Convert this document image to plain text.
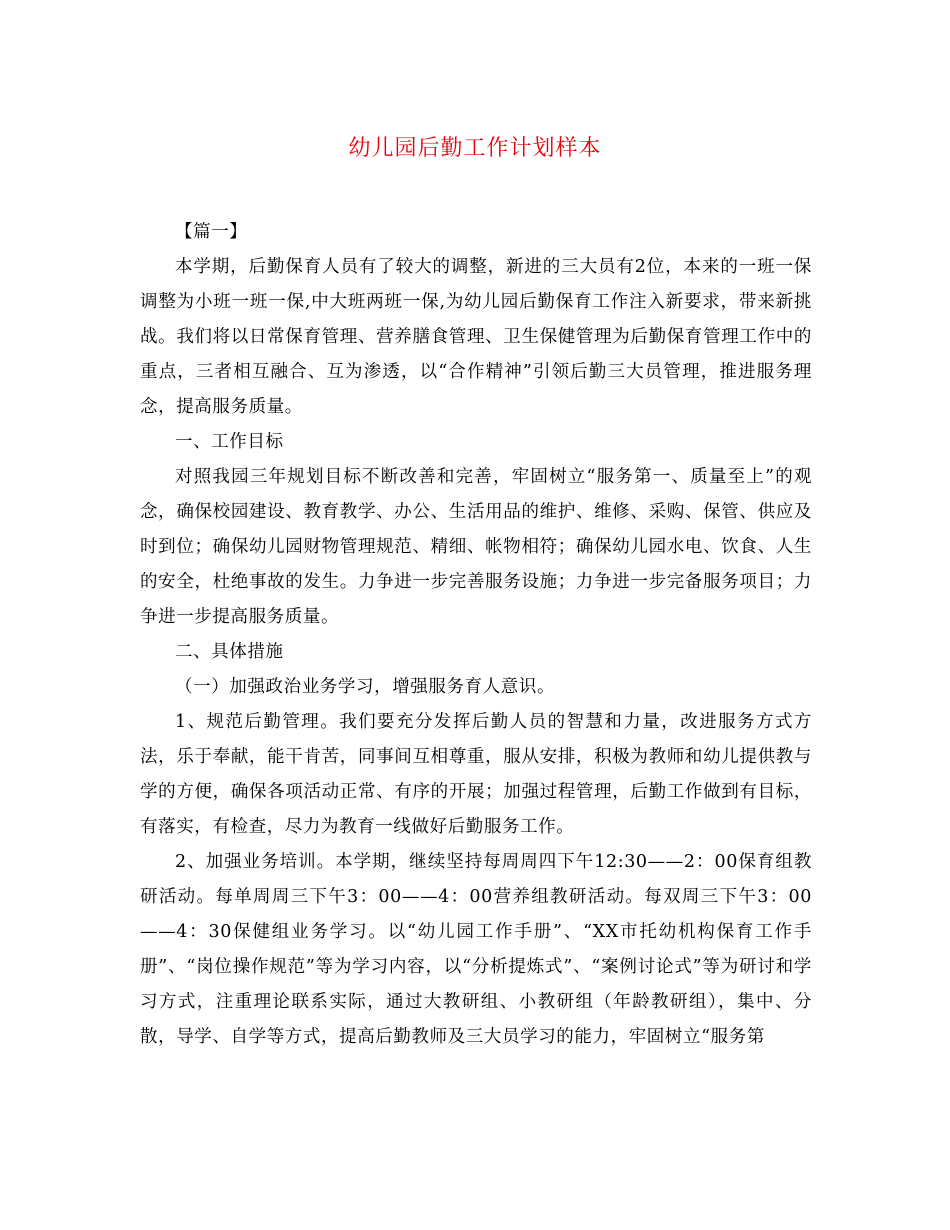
幼儿园后勤工作计划样本

【篇一】

本学期，后勤保育人员有了较大的调整，新进的三大员有2位，本来的一班一保调整为小班一班一保,中大班两班一保,为幼儿园后勤保育工作注入新要求，带来新挑战。我们将以日常保育管理、营养膳食管理、卫生保健管理为后勤保育管理工作中的重点，三者相互融合、互为渗透，以“合作精神”引领后勤三大员管理，推进服务理念，提高服务质量。

一、工作目标

对照我园三年规划目标不断改善和完善，牢固树立“服务第一、质量至上”的观念，确保校园建设、教育教学、办公、生活用品的维护、维修、采购、保管、供应及时到位；确保幼儿园财物管理规范、精细、帐物相符；确保幼儿园水电、饮食、人生的安全，杜绝事故的发生。力争进一步完善服务设施；力争进一步完备服务项目；力争进一步提高服务质量。

二、具体措施

（一）加强政治业务学习，增强服务育人意识。

1、规范后勤管理。我们要充分发挥后勤人员的智慧和力量，改进服务方式方法，乐于奉献，能干肯苦，同事间互相尊重，服从安排，积极为教师和幼儿提供教与学的方便，确保各项活动正常、有序的开展；加强过程管理，后勤工作做到有目标，有落实，有检查，尽力为教育一线做好后勤服务工作。

2、加强业务培训。本学期，继续坚持每周周四下午12:30——2：00保育组教研活动。每单周周三下午3：00——4：00营养组教研活动。每双周三下午3：00——4：30保健组业务学习。以“幼儿园工作手册”、“XX市托幼机构保育工作手册”、“岗位操作规范”等为学习内容，以“分析提炼式”、“案例讨论式”等为研讨和学习方式，注重理论联系实际，通过大教研组、小教研组（年龄教研组），集中、分散，导学、自学等方式，提高后勤教师及三大员学习的能力，牢固树立“服务第
